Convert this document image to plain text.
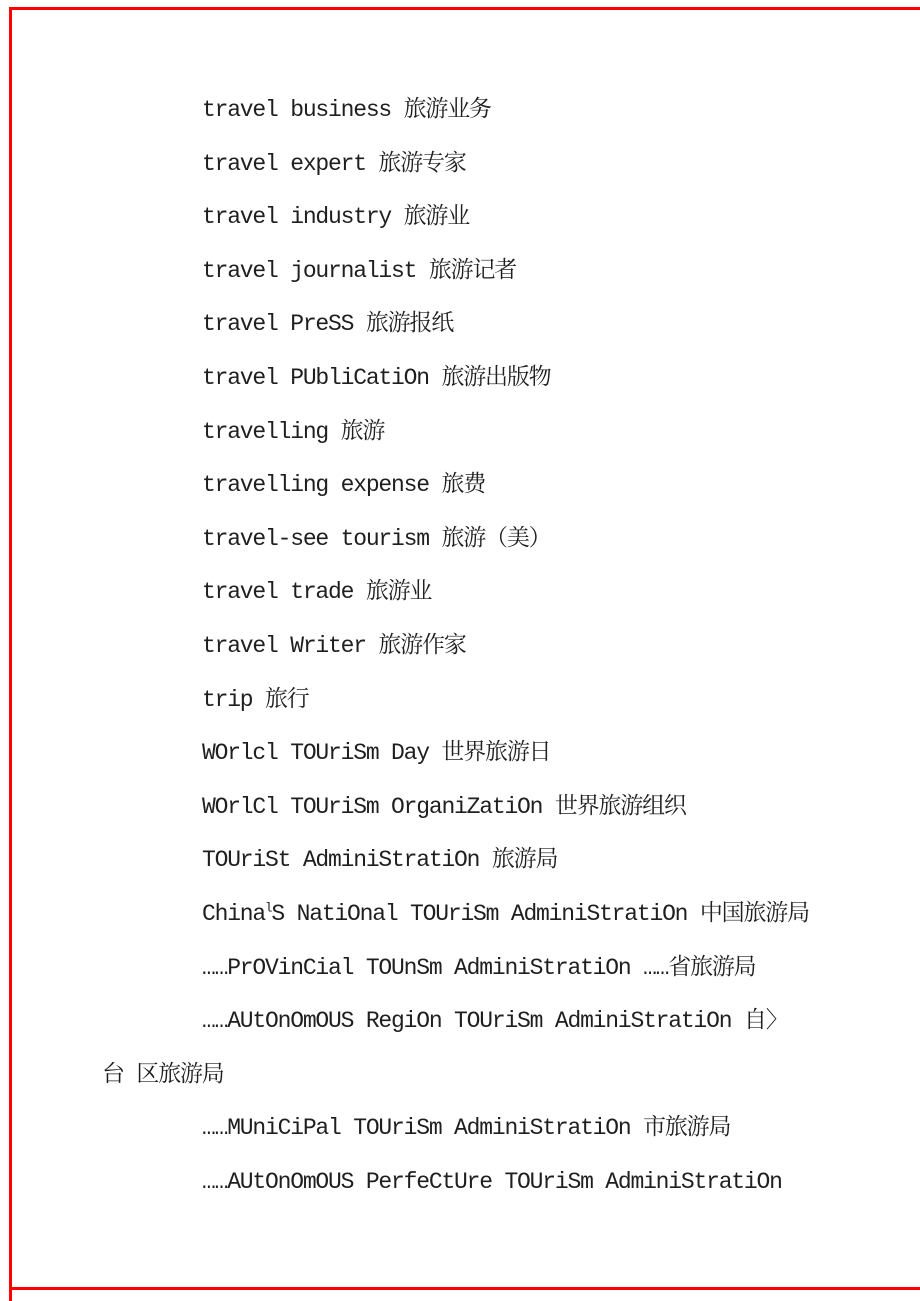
travel business 旅游业务

travel expert 旅游专家

travel industry 旅游业

travel journalist 旅游记者

travel PreSS 旅游报纸

travel PUbliCatiOn 旅游出版物

travelling 旅游

travelling expense 旅费

travel-see tourism 旅游（美）

travel trade 旅游业

travel Writer 旅游作家

trip 旅行

WOrlcl TOUriSm Day 世界旅游日

WOrlCl TOUriSm OrganiZatiOn 世界旅游组织

TOUriSt AdminiStratiOn 旅游局

China$^l$S NatiOnal TOUriSm AdminiStratiOn 中国旅游局

……PrOVinCial TOUnSm AdminiStratiOn ……省旅游局

……AUtOnOmOUS RegiOn TOUriSm AdminiStratiOn 自〉

台 区旅游局

……MUniCiPal TOUriSm AdminiStratiOn 市旅游局

……AUtOnOmOUS PerfeCtUre TOUriSm AdminiStratiOn
